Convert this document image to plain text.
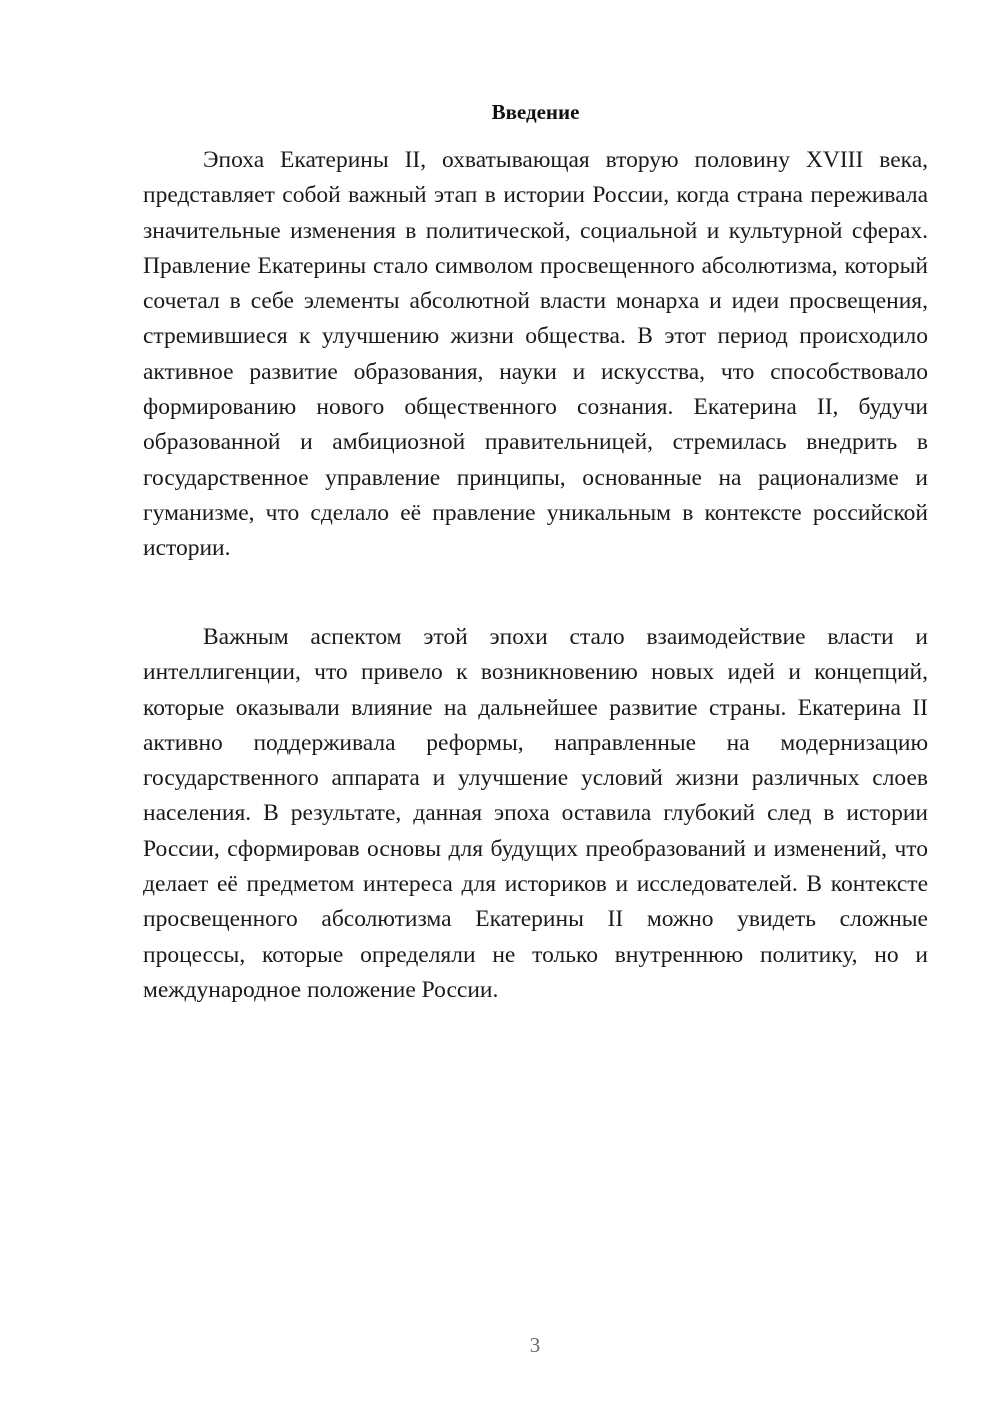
Введение

Эпоха Екатерины II, охватывающая вторую половину XVIII века, представляет собой важный этап в истории России, когда страна переживала значительные изменения в политической, социальной и культурной сферах. Правление Екатерины стало символом просвещенного абсолютизма, который сочетал в себе элементы абсолютной власти монарха и идеи просвещения, стремившиеся к улучшению жизни общества. В этот период происходило активное развитие образования, науки и искусства, что способствовало формированию нового общественного сознания. Екатерина II, будучи образованной и амбициозной правительницей, стремилась внедрить в государственное управление принципы, основанные на рационализме и гуманизме, что сделало её правление уникальным в контексте российской истории.

Важным аспектом этой эпохи стало взаимодействие власти и интеллигенции, что привело к возникновению новых идей и концепций, которые оказывали влияние на дальнейшее развитие страны. Екатерина II активно поддерживала реформы, направленные на модернизацию государственного аппарата и улучшение условий жизни различных слоев населения. В результате, данная эпоха оставила глубокий след в истории России, сформировав основы для будущих преобразований и изменений, что делает её предметом интереса для историков и исследователей. В контексте просвещенного абсолютизма Екатерины II можно увидеть сложные процессы, которые определяли не только внутреннюю политику, но и международное положение России.

3
